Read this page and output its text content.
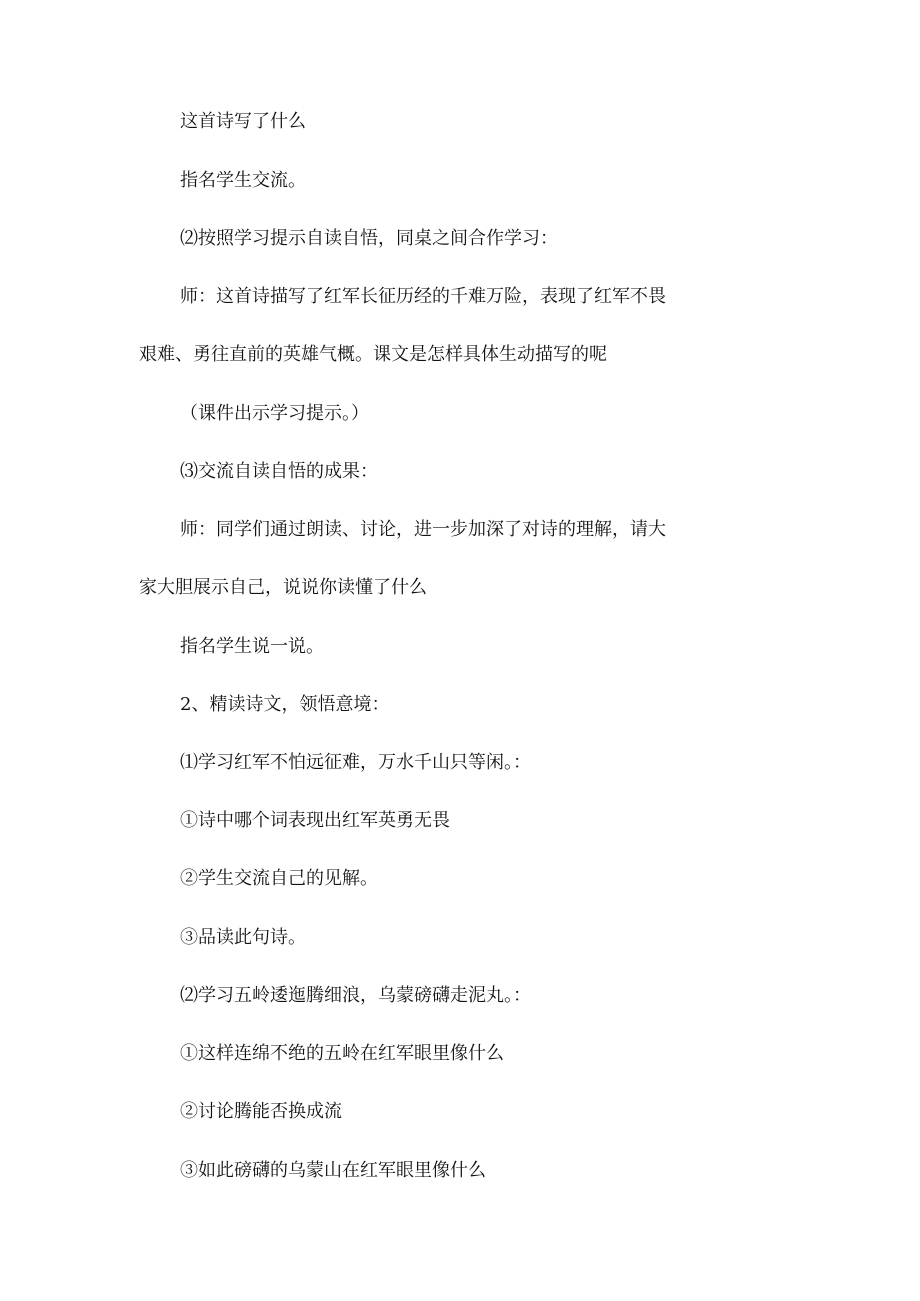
这首诗写了什么

指名学生交流。

⑵按照学习提示自读自悟，同桌之间合作学习：

师：这首诗描写了红军长征历经的千难万险，表现了红军不畏

艰难、勇往直前的英雄气概。课文是怎样具体生动描写的呢

（课件出示学习提示。）

⑶交流自读自悟的成果：

师：同学们通过朗读、讨论，进一步加深了对诗的理解，请大

家大胆展示自己，说说你读懂了什么

指名学生说一说。

2、精读诗文，领悟意境：

⑴学习红军不怕远征难，万水千山只等闲。：

①诗中哪个词表现出红军英勇无畏

②学生交流自己的见解。

③品读此句诗。

⑵学习五岭逶迤腾细浪，乌蒙磅礴走泥丸。：

①这样连绵不绝的五岭在红军眼里像什么

②讨论腾能否换成流

③如此磅礴的乌蒙山在红军眼里像什么
